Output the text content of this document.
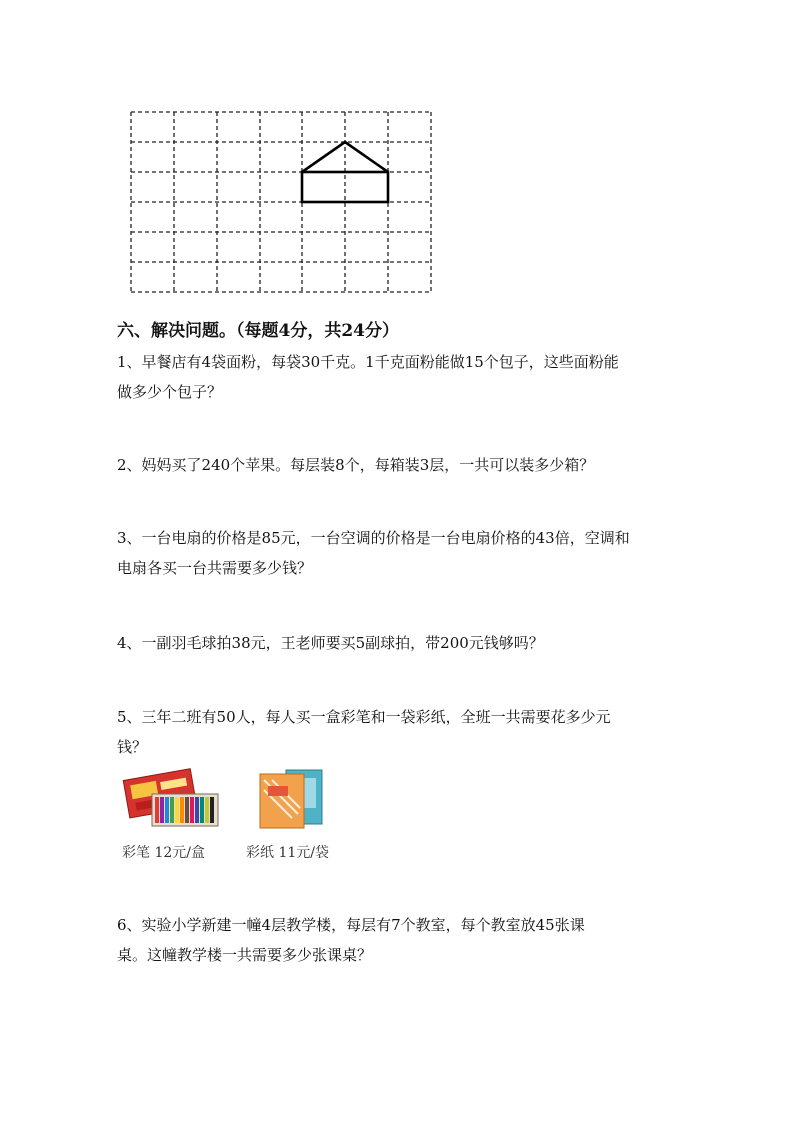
六、解决问题。（每题4分，共24分）
1、早餐店有4袋面粉，每袋30千克。1千克面粉能做15个包子，这些面粉能
做多少个包子？
2、妈妈买了240个苹果。每层装8个，每箱装3层，一共可以装多少箱？
3、一台电扇的价格是85元，一台空调的价格是一台电扇价格的43倍，空调和
电扇各买一台共需要多少钱？
4、一副羽毛球拍38元，王老师要买5副球拍，带200元钱够吗？
5、三年二班有50人，每人买一盒彩笔和一袋彩纸，全班一共需要花多少元
钱？
彩笔 12元/盒	彩纸 11元/袋
6、实验小学新建一幢4层教学楼，每层有7个教室，每个教室放45张课
桌。这幢教学楼一共需要多少张课桌？
